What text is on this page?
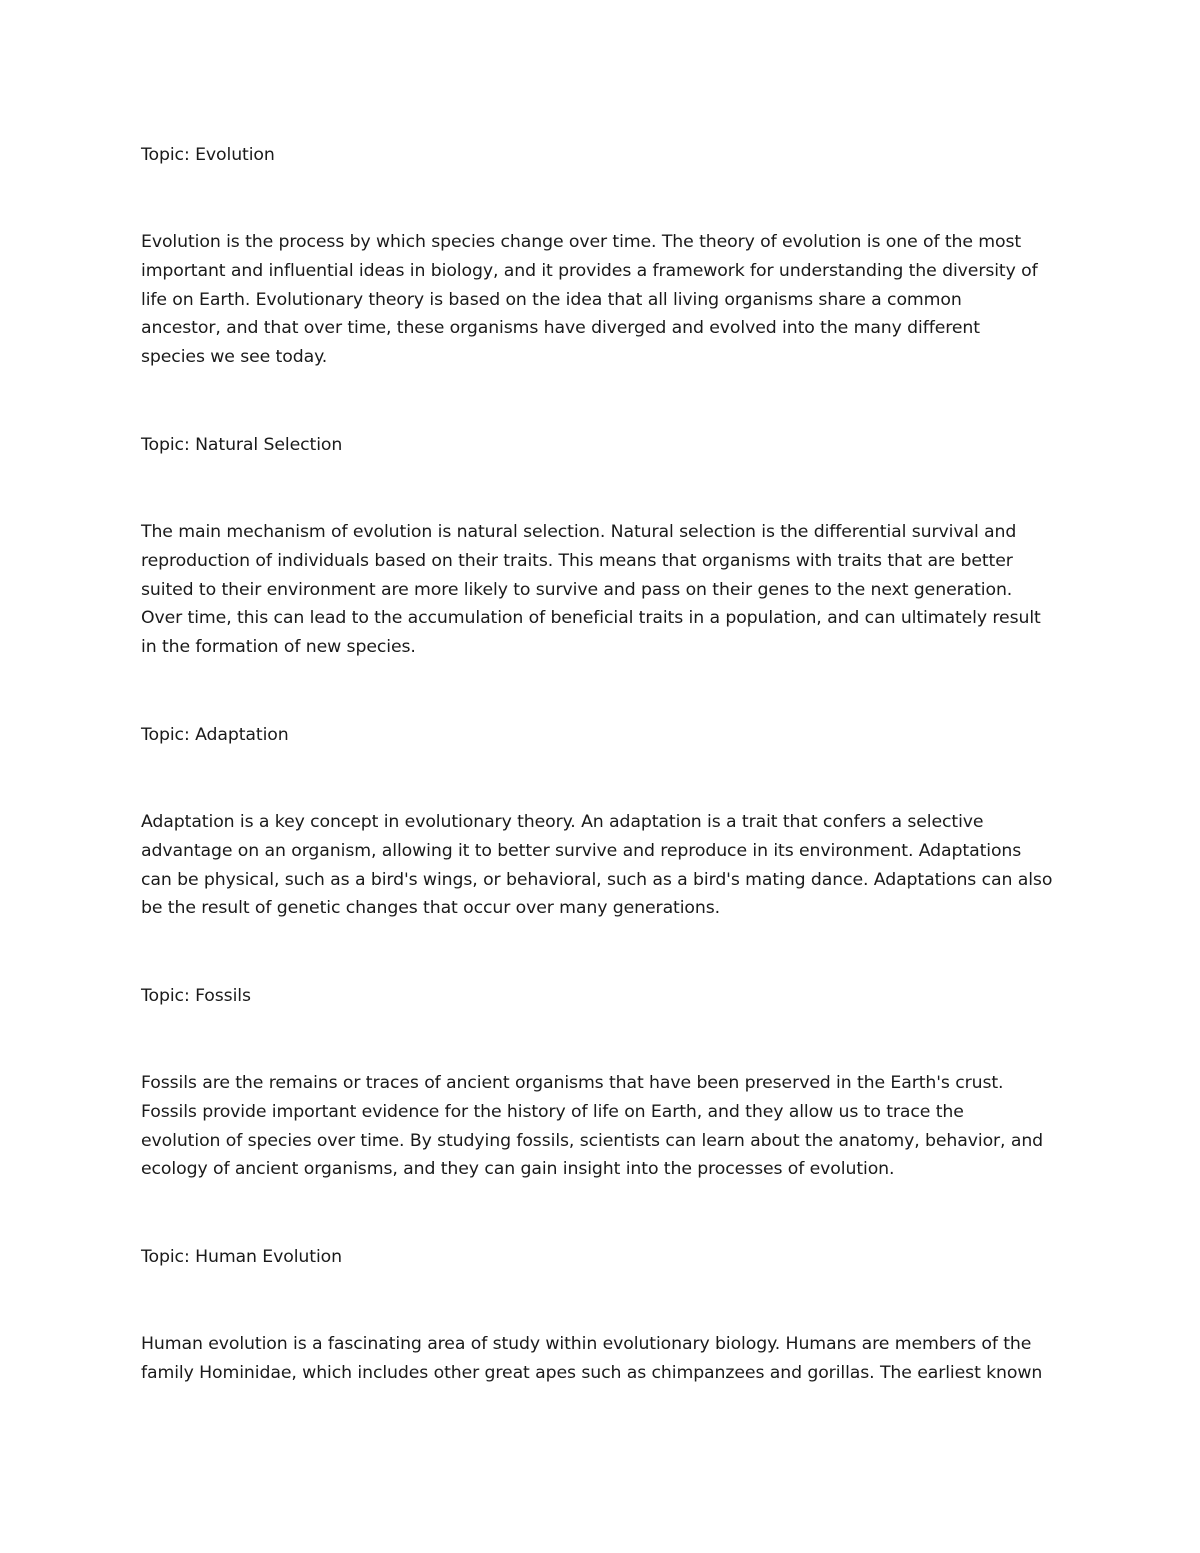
Topic: Evolution

Evolution is the process by which species change over time. The theory of evolution is one of the most
important and influential ideas in biology, and it provides a framework for understanding the diversity of
life on Earth. Evolutionary theory is based on the idea that all living organisms share a common
ancestor, and that over time, these organisms have diverged and evolved into the many different
species we see today.

Topic: Natural Selection

The main mechanism of evolution is natural selection. Natural selection is the differential survival and
reproduction of individuals based on their traits. This means that organisms with traits that are better
suited to their environment are more likely to survive and pass on their genes to the next generation.
Over time, this can lead to the accumulation of beneficial traits in a population, and can ultimately result
in the formation of new species.

Topic: Adaptation

Adaptation is a key concept in evolutionary theory. An adaptation is a trait that confers a selective
advantage on an organism, allowing it to better survive and reproduce in its environment. Adaptations
can be physical, such as a bird's wings, or behavioral, such as a bird's mating dance. Adaptations can also
be the result of genetic changes that occur over many generations.

Topic: Fossils

Fossils are the remains or traces of ancient organisms that have been preserved in the Earth's crust.
Fossils provide important evidence for the history of life on Earth, and they allow us to trace the
evolution of species over time. By studying fossils, scientists can learn about the anatomy, behavior, and
ecology of ancient organisms, and they can gain insight into the processes of evolution.

Topic: Human Evolution

Human evolution is a fascinating area of study within evolutionary biology. Humans are members of the
family Hominidae, which includes other great apes such as chimpanzees and gorillas. The earliest known
